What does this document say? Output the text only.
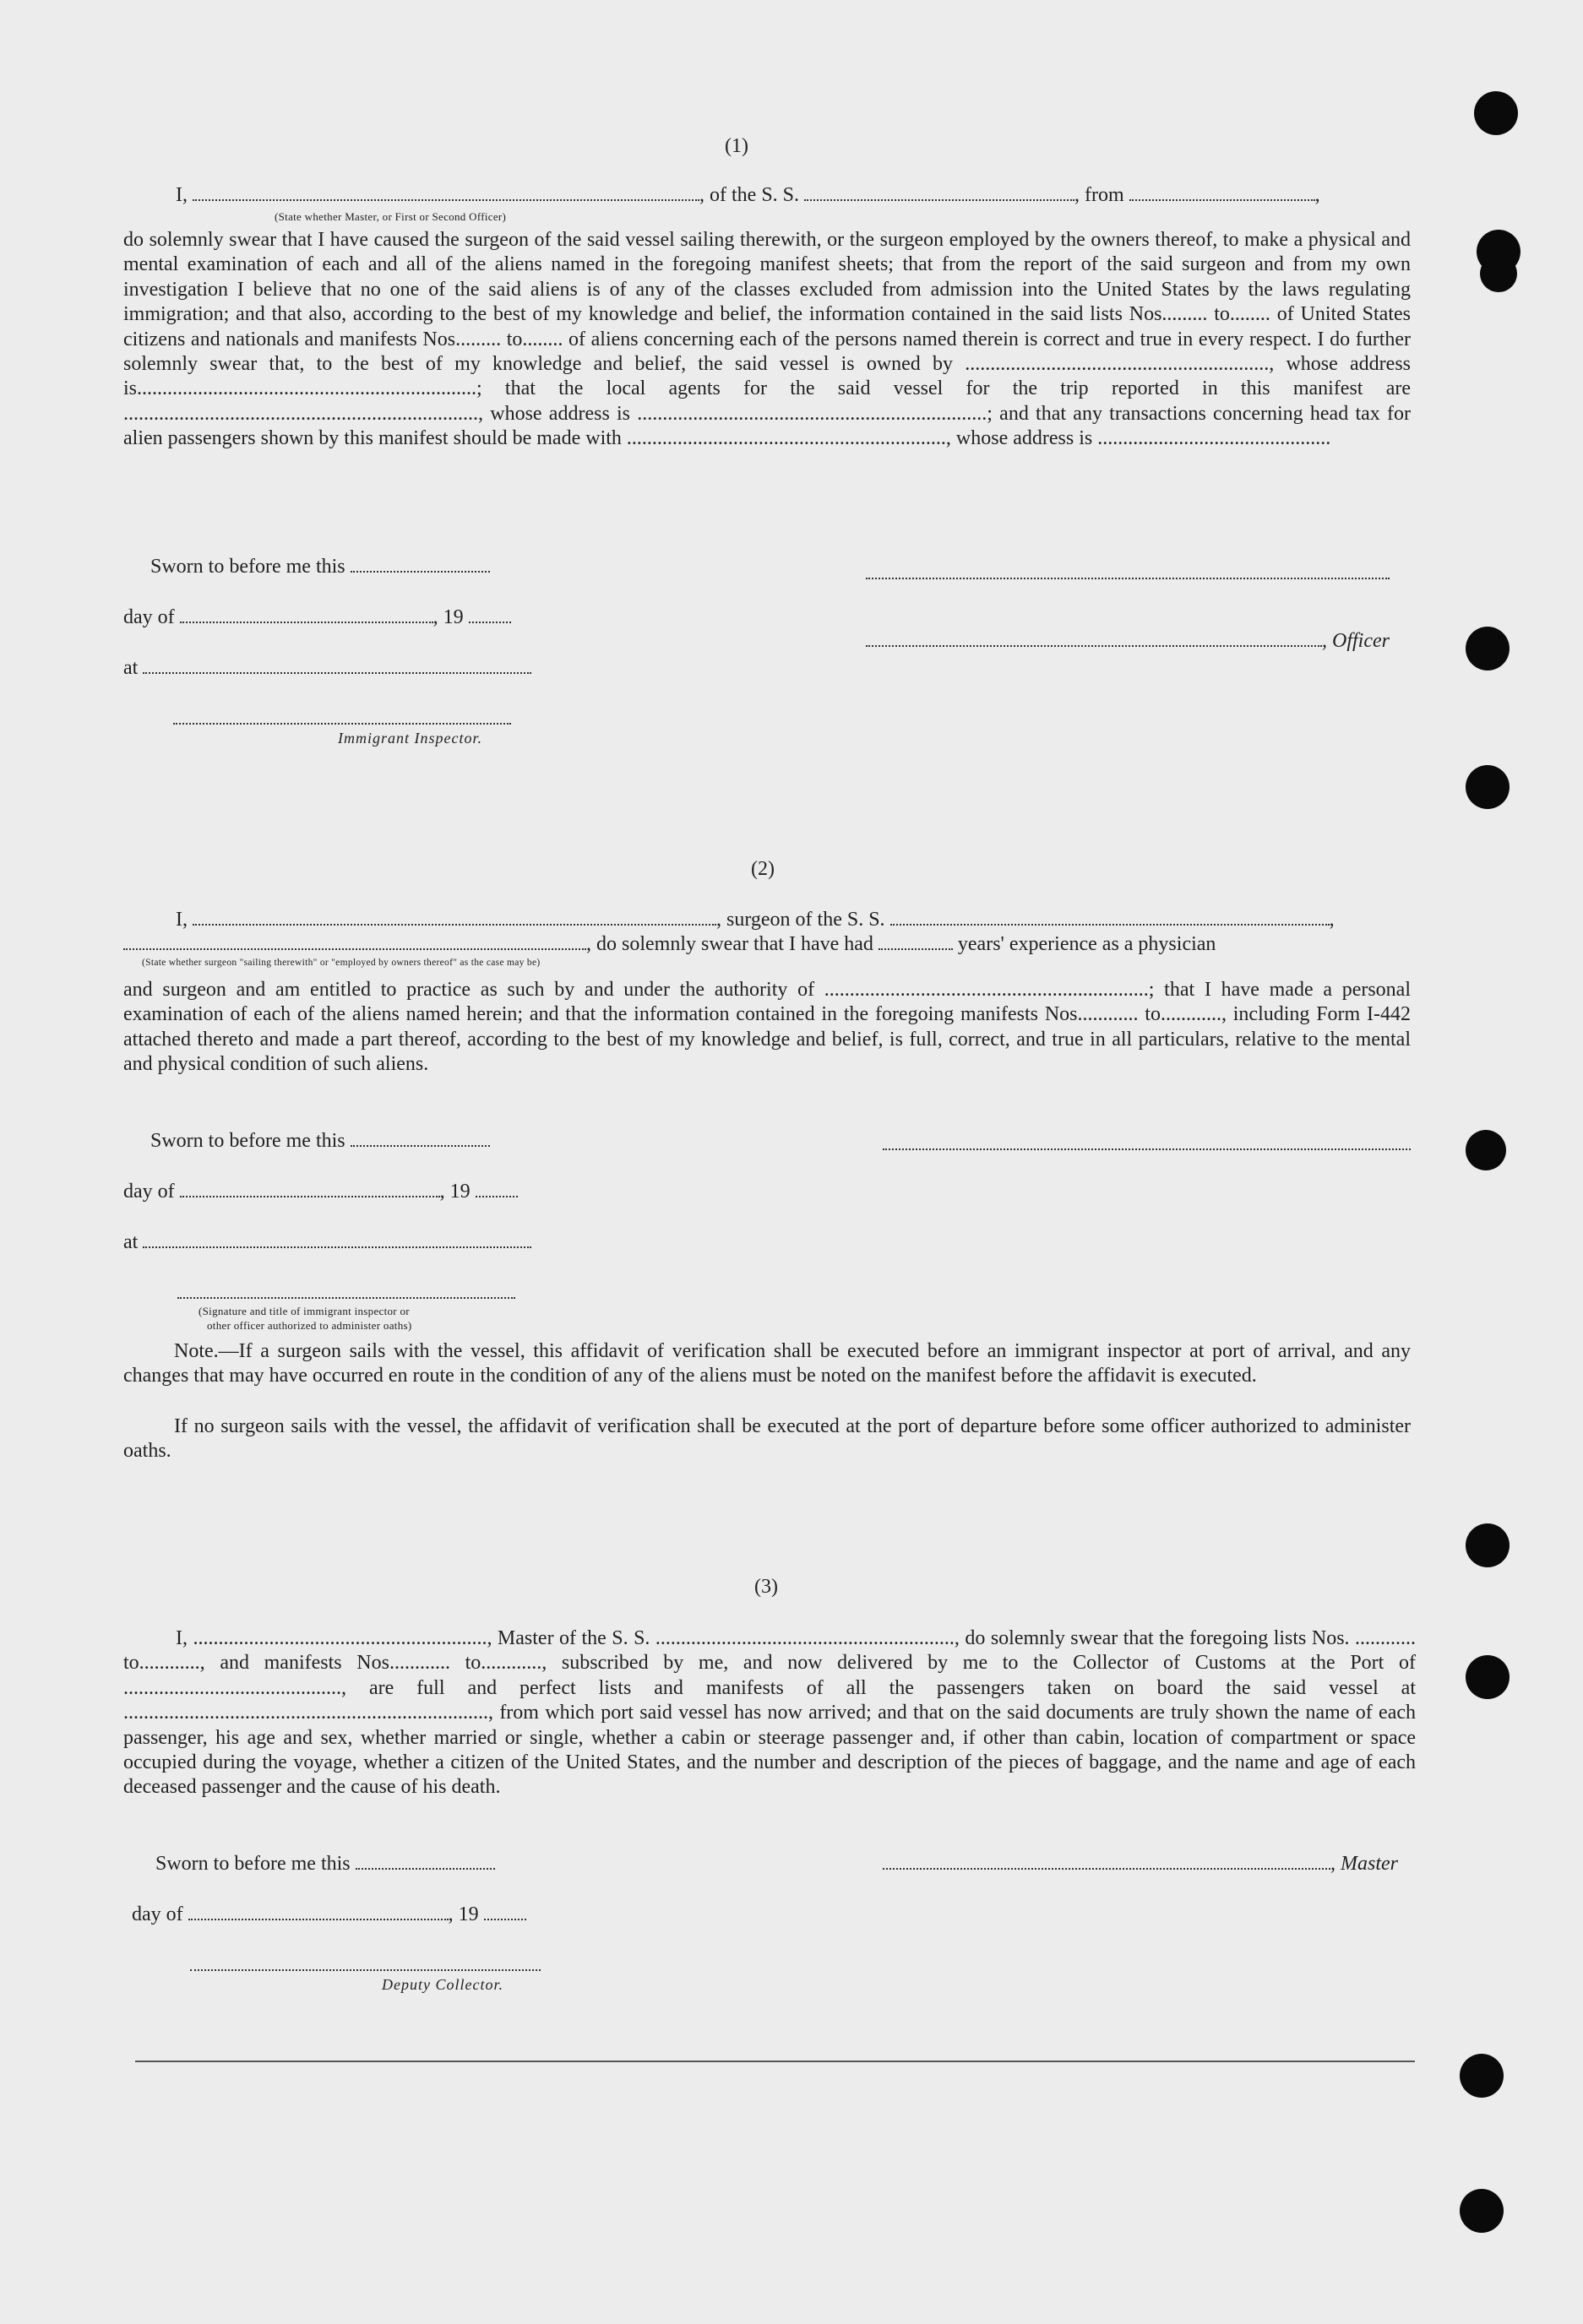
(1)
I,	, of the S. S.	, from	,
(State whether Master, or First or Second Officer)

do solemnly swear that I have caused the surgeon of the said vessel sailing therewith, or the surgeon employed by the owners thereof, to make a physical and mental examination of each and all of the aliens named in the foregoing manifest sheets; that from the report of the said surgeon and from my own investigation I believe that no one of the said aliens is of any of the classes excluded from admission into the United States by the laws regulating immigration; and that also, according to the best of my knowledge and belief, the information contained in the said lists Nos......... to........ of United States citizens and nationals and manifests Nos......... to........ of aliens concerning each of the persons named therein is correct and true in every respect. I do further solemnly swear that, to the best of my knowledge and belief, the said vessel is owned by ............................................................, whose address is...................................................................; that the local agents for the said vessel for the trip reported in this manifest are ......................................................................, whose address is .....................................................................; and that any transactions concerning head tax for alien passengers shown by this manifest should be made with ..............................................................., whose address is ..............................................

Sworn to before me this
day of	, 19
, Officer
at
Immigrant Inspector.
(2)
I,	, surgeon of the S. S.	,
, do solemnly swear that I have had	years' experience as a physician
(State whether surgeon "sailing therewith" or "employed by owners thereof" as the case may be)

and surgeon and am entitled to practice as such by and under the authority of ................................................................; that I have made a personal examination of each of the aliens named herein; and that the information contained in the foregoing manifests Nos............ to............, including Form I-442 attached thereto and made a part thereof, according to the best of my knowledge and belief, is full, correct, and true in all particulars, relative to the mental and physical condition of such aliens.

Sworn to before me this
day of	, 19
at
(Signature and title of immigrant inspector or
other officer authorized to administer oaths)

Note.—If a surgeon sails with the vessel, this affidavit of verification shall be executed before an immigrant inspector at port of arrival, and any changes that may have occurred en route in the condition of any of the aliens must be noted on the manifest before the affidavit is executed.

If no surgeon sails with the vessel, the affidavit of verification shall be executed at the port of departure before some officer authorized to administer oaths.

(3)

I, .........................................................., Master of the S. S. ..........................................................., do solemnly swear that the foregoing lists Nos. ............ to............, and manifests Nos............ to............, subscribed by me, and now delivered by me to the Collector of Customs at the Port of ..........................................., are full and perfect lists and manifests of all the passengers taken on board the said vessel at ........................................................................, from which port said vessel has now arrived; and that on the said documents are truly shown the name of each passenger, his age and sex, whether married or single, whether a cabin or steerage passenger and, if other than cabin, location of compartment or space occupied during the voyage, whether a citizen of the United States, and the number and description of the pieces of baggage, and the name and age of each deceased passenger and the cause of his death.

Sworn to before me this	, Master
day of	, 19
Deputy Collector.
